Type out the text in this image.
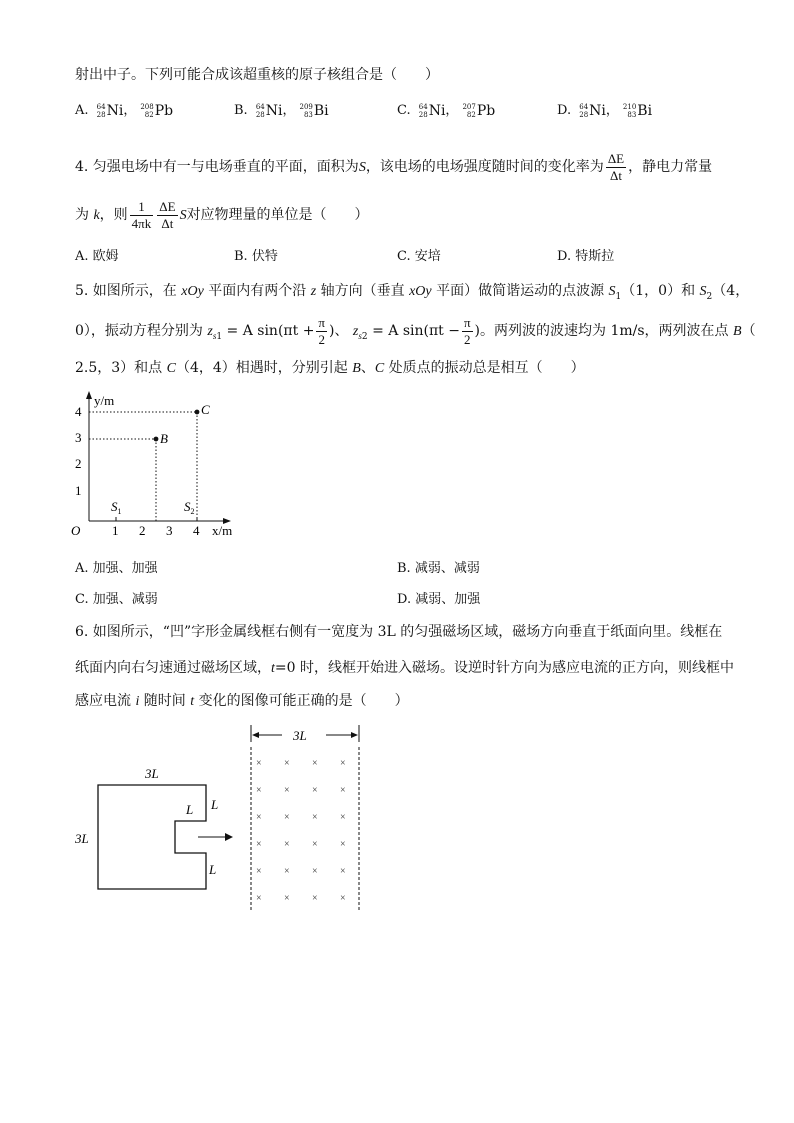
射出中子。下列可能合成该超重核的原子核组合是（　　）
A. 64
28 Ni， 208
82 Pb	B. 64
28 Ni， 209
83 Bi	C. 64
28 Ni， 207
82 Pb	D. 64
28 Ni， 210
83 Bi
4. 匀强电场中有一与电场垂直的平面，面积为S，该电场的电场强度随时间的变化率为 $\frac{\Delta E}{\Delta t}$ ，静电力常量
为 k，则 $\frac{1}{4\pi k} \frac{\Delta E}{\Delta t}$ S对应物理量的单位是（　　）
A. 欧姆	B. 伏特	C. 安培	D. 特斯拉
5. 如图所示，在 xOy 平面内有两个沿 z 轴方向（垂直 xOy 平面）做简谐运动的点波源 $S_1(1$，0）和 $S_2(4$，
0），振动方程分别为 $z_{s1} = A$ $\sin(\pi t + \frac{\pi}{2}$ )、 $z_{s2} = A$ $\sin(\pi t - \frac{\pi}{2}$ )。两列波的波速均为 1m/s，两列波在点 B（
2.5，3）和点 C（4，4）相遇时，分别引起 B、C 处质点的振动总是相互（　　）
y/m
x/m
O
1
2
3
4
1 2 3 4
B
C
$S_1$	$S_2$
A. 加强、加强	B. 减弱、减弱
C. 加强、减弱	D. 减弱、加强
6. 如图所示，“凹”字形金属线框右侧有一宽度为 3L 的匀强磁场区域，磁场方向垂直于纸面向里。线框在
纸面内向右匀速通过磁场区域，t=0 时，线框开始进入磁场。设逆时针方向为感应电流的正方向，则线框中
感应电流 i 随时间 t 变化的图像可能正确的是（　　）
3L
× × × ×
× × × ×
× × × ×
× × × ×
× × × ×
× × × ×
3L
3L
L L
L
